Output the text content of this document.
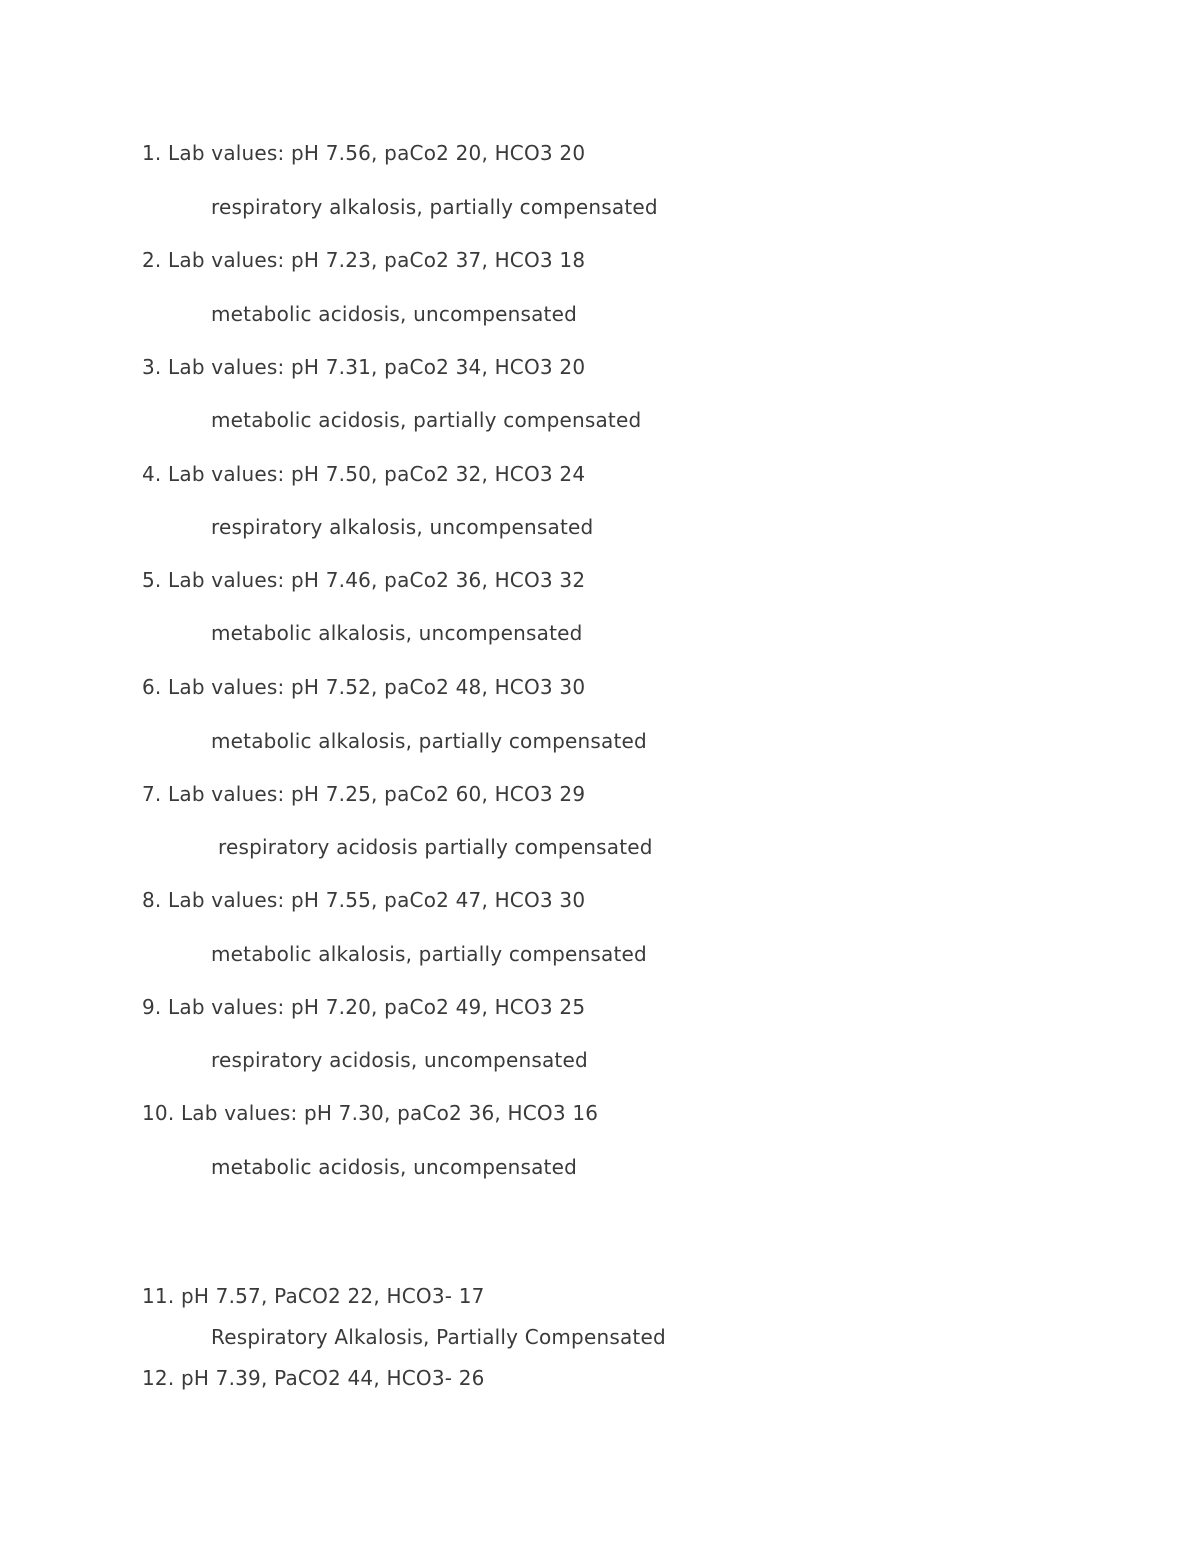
1. Lab values: pH 7.56, paCo2 20, HCO3 20
respiratory alkalosis, partially compensated
2. Lab values: pH 7.23, paCo2 37, HCO3 18
metabolic acidosis, uncompensated
3. Lab values: pH 7.31, paCo2 34, HCO3 20
metabolic acidosis, partially compensated
4. Lab values: pH 7.50, paCo2 32, HCO3 24
respiratory alkalosis, uncompensated
5. Lab values: pH 7.46, paCo2 36, HCO3 32
metabolic alkalosis, uncompensated
6. Lab values: pH 7.52, paCo2 48, HCO3 30
metabolic alkalosis, partially compensated
7. Lab values: pH 7.25, paCo2 60, HCO3 29
respiratory acidosis partially compensated
8. Lab values: pH 7.55, paCo2 47, HCO3 30
metabolic alkalosis, partially compensated
9. Lab values: pH 7.20, paCo2 49, HCO3 25
respiratory acidosis, uncompensated
10. Lab values: pH 7.30, paCo2 36, HCO3 16
metabolic acidosis, uncompensated
11. pH 7.57, PaCO2 22, HCO3- 17
Respiratory Alkalosis, Partially Compensated
12. pH 7.39, PaCO2 44, HCO3- 26
